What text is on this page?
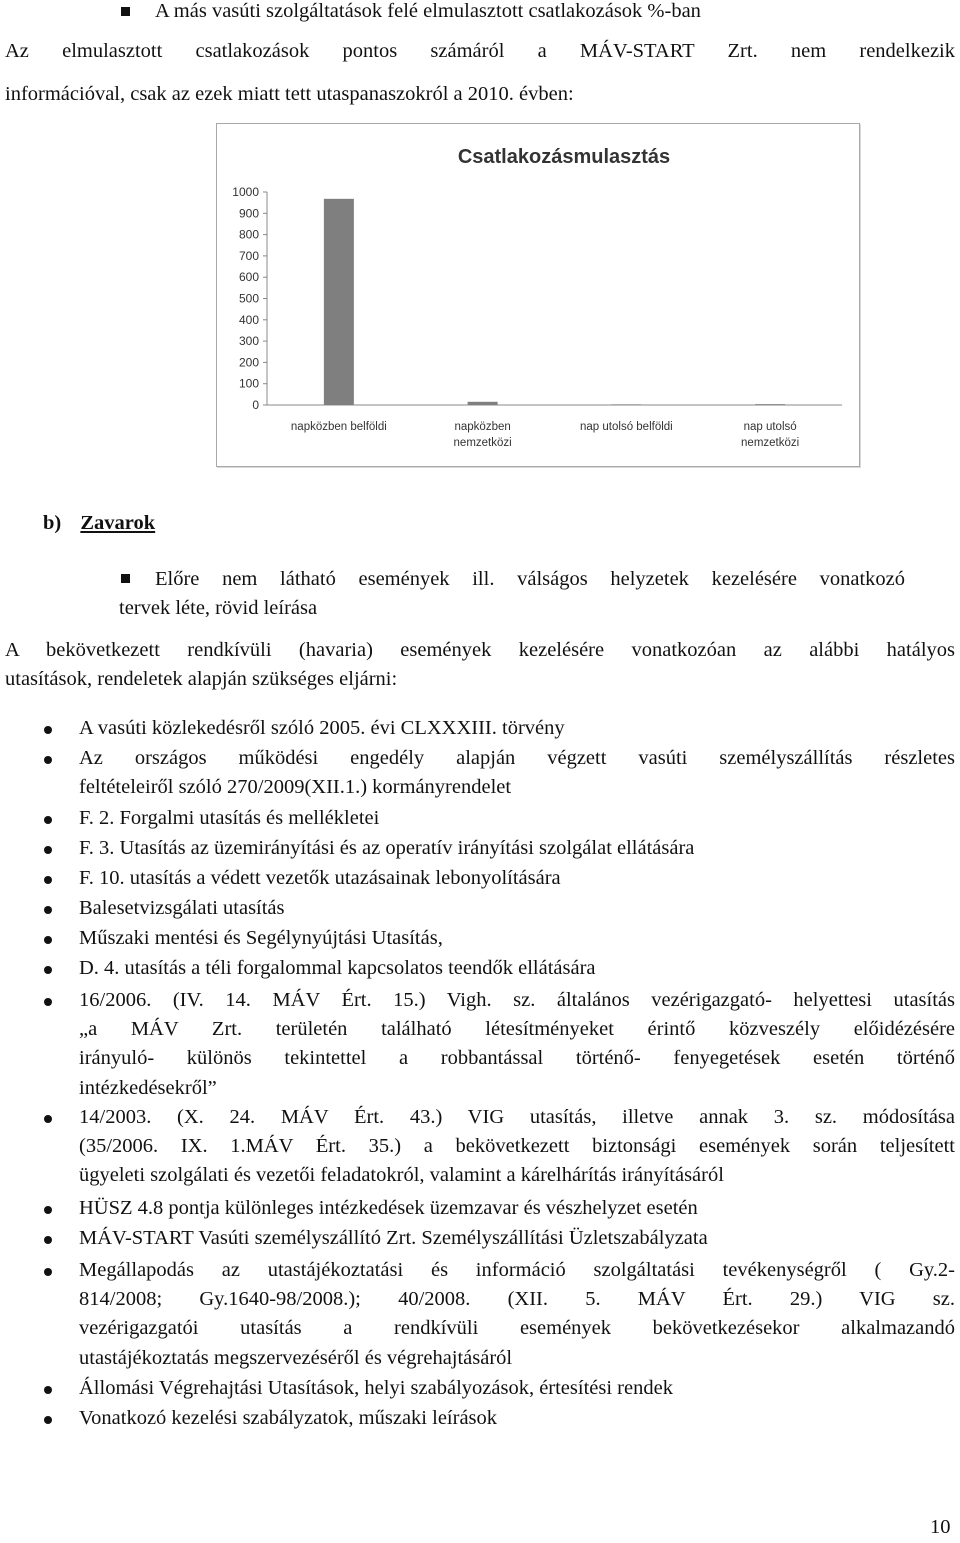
A más vasúti szolgáltatások felé elmulasztott csatlakozások %-ban
Az elmulasztott csatlakozások pontos számáról a MÁV-START Zrt. nem rendelkezik
információval, csak az ezek miatt tett utaspanaszokról a 2010. évben:
Csatlakozásmulasztás
0
100
200
300
400
500
600
700
800
900
1000
napközben belföldi	napközben nemzetközi
nap utolsó belföldi	nap utolsó nemzetközi
b) Zavarok
Előre nem látható események ill. válságos helyzetek kezelésére vonatkozó
tervek léte, rövid leírása
A bekövetkezett rendkívüli (havaria) események kezelésére vonatkozóan az alábbi hatályos
utasítások, rendeletek alapján szükséges eljárni:
A vasúti közlekedésről szóló 2005. évi CLXXXIII. törvény
Az országos működési engedély alapján végzett vasúti személyszállítás részletes
feltételeiről szóló 270/2009(XII.1.) kormányrendelet
F. 2. Forgalmi utasítás és mellékletei
F. 3. Utasítás az üzemirányítási és az operatív irányítási szolgálat ellátására
F. 10. utasítás a védett vezetők utazásainak lebonyolítására
Balesetvizsgálati utasítás
Műszaki mentési és Segélynyújtási Utasítás,
D. 4. utasítás a téli forgalommal kapcsolatos teendők ellátására
16/2006. (IV. 14. MÁV Ért. 15.) Vigh. sz. általános vezérigazgató- helyettesi utasítás
„a MÁV Zrt. területén található létesítményeket érintő közveszély előidézésére
irányuló- különös tekintettel a robbantással történő- fenyegetések esetén történő
intézkedésekről”
14/2003. (X. 24. MÁV Ért. 43.) VIG utasítás, illetve annak 3. sz. módosítása
(35/2006. IX. 1.MÁV Ért. 35.) a bekövetkezett biztonsági események során teljesített
ügyeleti szolgálati és vezetői feladatokról, valamint a kárelhárítás irányításáról
HÜSZ 4.8 pontja különleges intézkedések üzemzavar és vészhelyzet esetén
MÁV-START Vasúti személyszállító Zrt. Személyszállítási Üzletszabályzata
Megállapodás az utastájékoztatási és információ szolgáltatási tevékenységről ( Gy.2-
814/2008; Gy.1640-98/2008.); 40/2008. (XII. 5. MÁV Ért. 29.) VIG sz.
vezérigazgatói utasítás a rendkívüli események bekövetkezésekor alkalmazandó
utastájékoztatás megszervezéséről és végrehajtásáról
Állomási Végrehajtási Utasítások, helyi szabályozások, értesítési rendek
Vonatkozó kezelési szabályzatok, műszaki leírások
10
